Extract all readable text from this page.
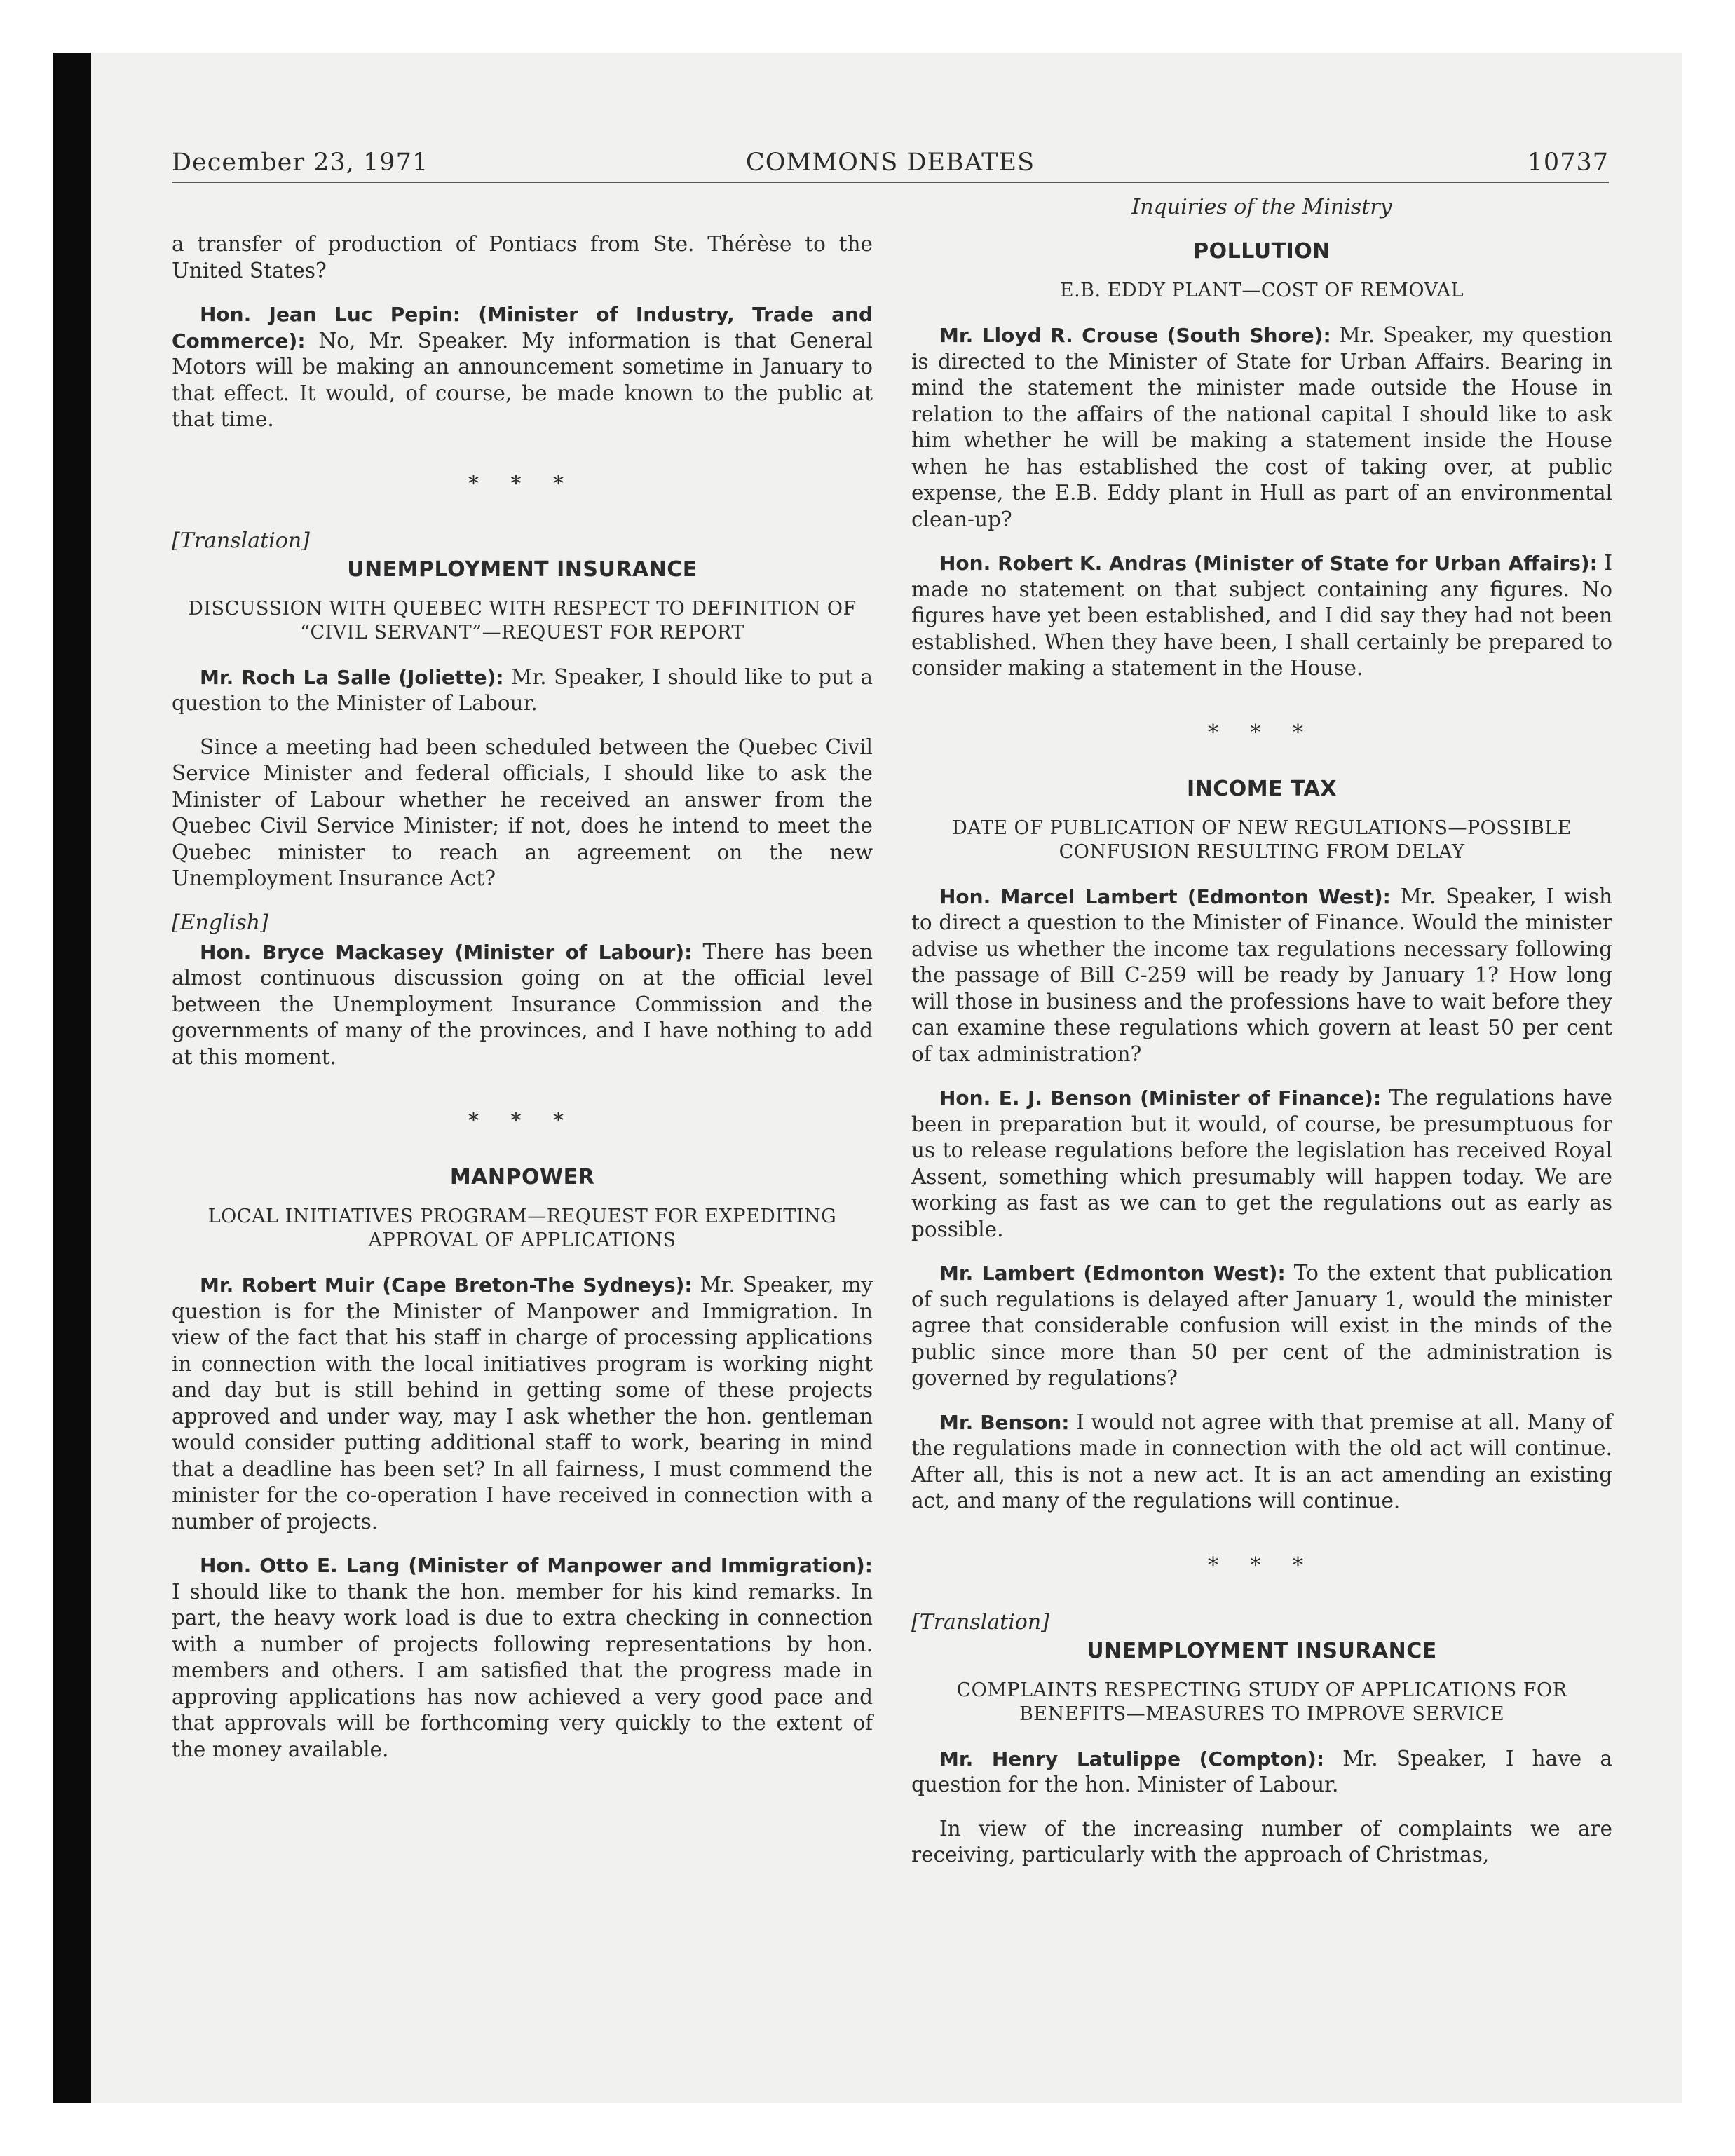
December 23, 1971	COMMONS DEBATES	10737

a transfer of production of Pontiacs from Ste. Thérèse to the United States?

Hon. Jean Luc Pepin: (Minister of Industry, Trade and Commerce): No, Mr. Speaker. My information is that General Motors will be making an announcement sometime in January to that effect. It would, of course, be made known to the public at that time.

* * *
[Translation]
UNEMPLOYMENT INSURANCE
DISCUSSION WITH QUEBEC WITH RESPECT TO DEFINITION OF “CIVIL SERVANT”—REQUEST FOR REPORT

Mr. Roch La Salle (Joliette): Mr. Speaker, I should like to put a question to the Minister of Labour.

Since a meeting had been scheduled between the Quebec Civil Service Minister and federal officials, I should like to ask the Minister of Labour whether he received an answer from the Quebec Civil Service Minister; if not, does he intend to meet the Quebec minister to reach an agreement on the new Unemployment Insurance Act?

[English]

Hon. Bryce Mackasey (Minister of Labour): There has been almost continuous discussion going on at the official level between the Unemployment Insurance Commission and the governments of many of the provinces, and I have nothing to add at this moment.

* * *
MANPOWER
LOCAL INITIATIVES PROGRAM—REQUEST FOR EXPEDITING APPROVAL OF APPLICATIONS

Mr. Robert Muir (Cape Breton-The Sydneys): Mr. Speaker, my question is for the Minister of Manpower and Immigration. In view of the fact that his staff in charge of processing applications in connection with the local initiatives program is working night and day but is still behind in getting some of these projects approved and under way, may I ask whether the hon. gentleman would consider putting additional staff to work, bearing in mind that a deadline has been set? In all fairness, I must commend the minister for the co-operation I have received in connection with a number of projects.

Hon. Otto E. Lang (Minister of Manpower and Immigration): I should like to thank the hon. member for his kind remarks. In part, the heavy work load is due to extra checking in connection with a number of projects following representations by hon. members and others. I am satisfied that the progress made in approving applications has now achieved a very good pace and that approvals will be forthcoming very quickly to the extent of the money available.

Inquiries of the Ministry
POLLUTION
E.B. EDDY PLANT—COST OF REMOVAL

Mr. Lloyd R. Crouse (South Shore): Mr. Speaker, my question is directed to the Minister of State for Urban Affairs. Bearing in mind the statement the minister made outside the House in relation to the affairs of the national capital I should like to ask him whether he will be making a statement inside the House when he has established the cost of taking over, at public expense, the E.B. Eddy plant in Hull as part of an environmental clean-up?

Hon. Robert K. Andras (Minister of State for Urban Affairs): I made no statement on that subject containing any figures. No figures have yet been established, and I did say they had not been established. When they have been, I shall certainly be prepared to consider making a statement in the House.

* * *
INCOME TAX
DATE OF PUBLICATION OF NEW REGULATIONS—POSSIBLE CONFUSION RESULTING FROM DELAY

Hon. Marcel Lambert (Edmonton West): Mr. Speaker, I wish to direct a question to the Minister of Finance. Would the minister advise us whether the income tax regulations necessary following the passage of Bill C-259 will be ready by January 1? How long will those in business and the professions have to wait before they can examine these regulations which govern at least 50 per cent of tax administration?

Hon. E. J. Benson (Minister of Finance): The regulations have been in preparation but it would, of course, be presumptuous for us to release regulations before the legislation has received Royal Assent, something which presumably will happen today. We are working as fast as we can to get the regulations out as early as possible.

Mr. Lambert (Edmonton West): To the extent that publication of such regulations is delayed after January 1, would the minister agree that considerable confusion will exist in the minds of the public since more than 50 per cent of the administration is governed by regulations?

Mr. Benson: I would not agree with that premise at all. Many of the regulations made in connection with the old act will continue. After all, this is not a new act. It is an act amending an existing act, and many of the regulations will continue.

* * *
[Translation]
UNEMPLOYMENT INSURANCE
COMPLAINTS RESPECTING STUDY OF APPLICATIONS FOR BENEFITS—MEASURES TO IMPROVE SERVICE

Mr. Henry Latulippe (Compton): Mr. Speaker, I have a question for the hon. Minister of Labour.

In view of the increasing number of complaints we are receiving, particularly with the approach of Christmas,
